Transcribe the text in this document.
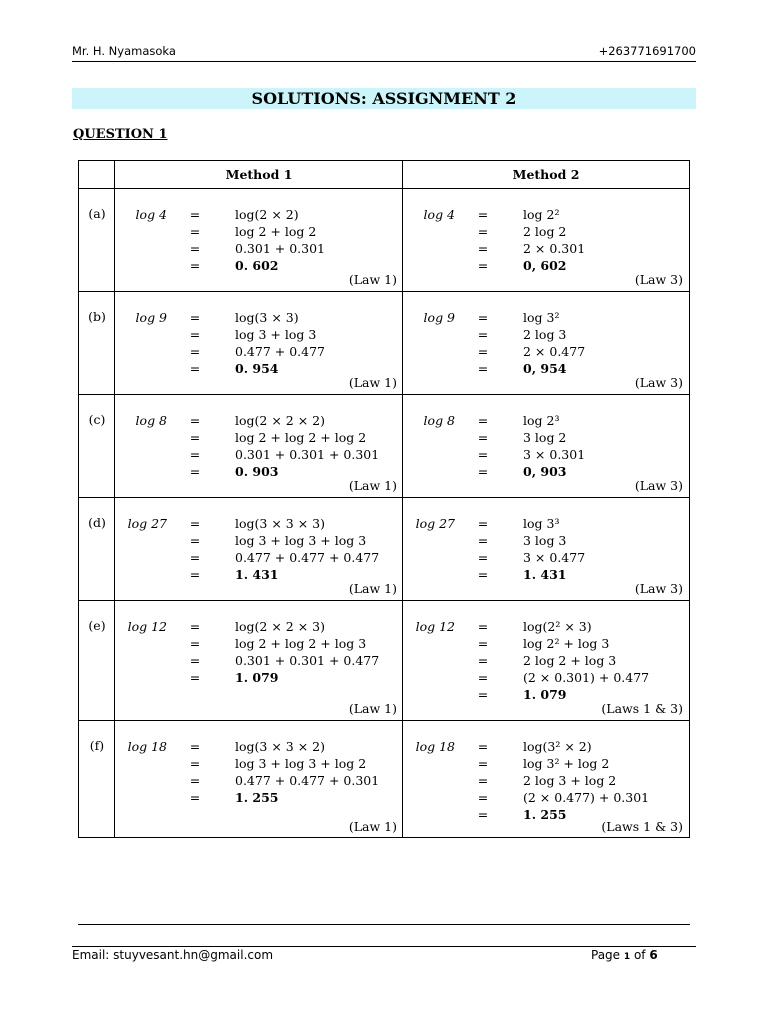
Mr. H. Nyamasoka	+263771691700
SOLUTIONS: ASSIGNMENT 2
QUESTION 1
Method 1	Method 2
(a)	log 4	=	log(2 × 2)
=	log 2 + log 2
=	0.301 + 0.301
=	0. 602
(Law 1)
log 4	=	log 2²
=	2 log 2
=	2 × 0.301
=	0, 602
(Law 3)
(b)	log 9	=	log(3 × 3)
=	log 3 + log 3
=	0.477 + 0.477
=	0. 954
(Law 1)
log 9	=	log 3²
=	2 log 3
=	2 × 0.477
=	0, 954
(Law 3)
(c)	log 8	=	log(2 × 2 × 2)
=	log 2 + log 2 + log 2
=	0.301 + 0.301 + 0.301
=	0. 903
(Law 1)
log 8	=	log 2³
=	3 log 2
=	3 × 0.301
=	0, 903
(Law 3)
(d)	log 27	=	log(3 × 3 × 3)
=	log 3 + log 3 + log 3
=	0.477 + 0.477 + 0.477
=	1. 431
(Law 1)
log 27	=	log 3³
=	3 log 3
=	3 × 0.477
=	1. 431
(Law 3)
(e)	log 12	=	log(2 × 2 × 3)
=	log 2 + log 2 + log 3
=	0.301 + 0.301 + 0.477
=	1. 079
(Law 1)
log 12	=	log(2² × 3)
=	log 2² + log 3
=	2 log 2 + log 3
=	(2 × 0.301) + 0.477
=	1. 079
(Laws 1 & 3)
(f)	log 18	=	log(3 × 3 × 2)
=	log 3 + log 3 + log 2
=	0.477 + 0.477 + 0.301
=	1. 255
(Law 1)
log 18	=	log(3² × 2)
=	log 3² + log 2
=	2 log 3 + log 2
=	(2 × 0.477) + 0.301
=	1. 255
(Laws 1 & 3)
Email: stuyvesant.hn@gmail.com	Page 1 of 6
